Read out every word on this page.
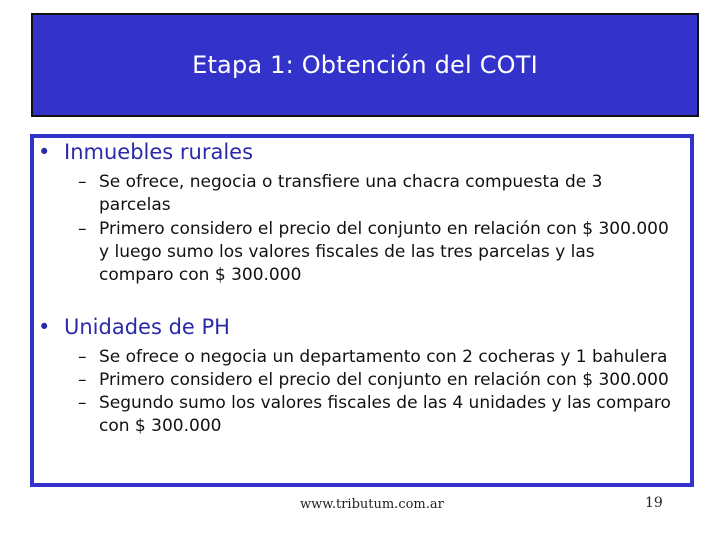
Etapa 1: Obtención del COTI
• Inmuebles rurales
– Se ofrece, negocia o transfiere una chacra compuesta de 3
parcelas
– Primero considero el precio del conjunto en relación con $ 300.000
y luego sumo los valores fiscales de las tres parcelas y las
comparo con $ 300.000
• Unidades de PH
– Se ofrece o negocia un departamento con 2 cocheras y 1 bahulera
– Primero considero el precio del conjunto en relación con $ 300.000
– Segundo sumo los valores fiscales de las 4 unidades y las comparo
con $ 300.000
www.tributum.com.ar	19
